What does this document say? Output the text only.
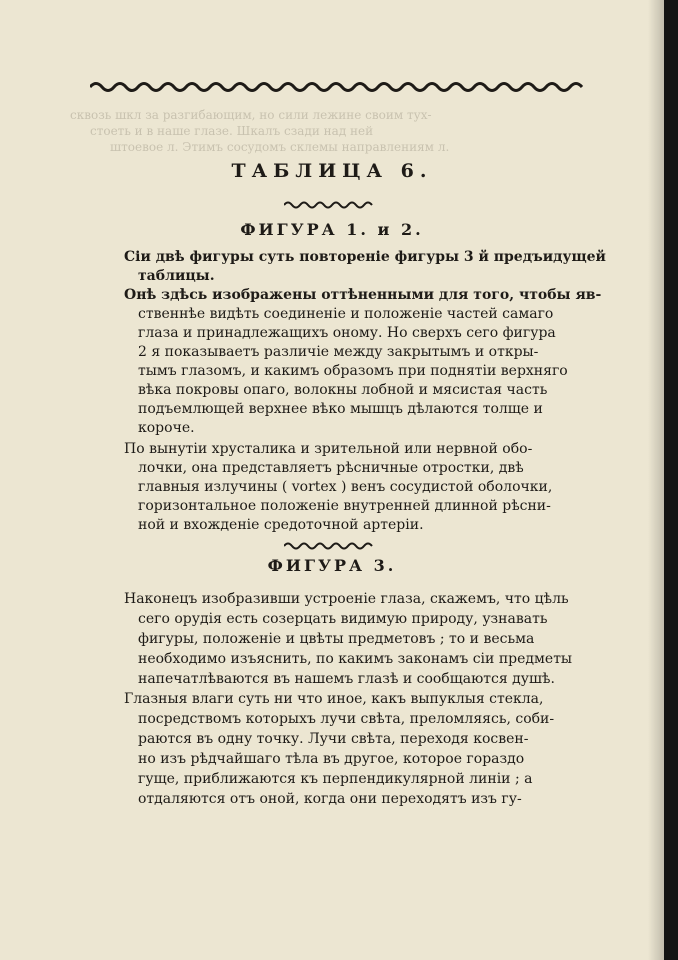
сквозь шкл за разгибающим, но сили лежине своим тух-
стоеть и в наше глазе. Шкалъ сзади над ней
штоевое л. Этимъ сосудомъ склемы направлениям л.
ТАБЛИЦА 6.
ФИГУРА 1. и 2.
Сiи двѣ фигуры суть повторенiе фигуры 3 й предъидущей
таблицы.
Онѣ здѣсь изображены оттѣненными для того, чтобы яв-
ственнѣе видѣть соединенiе и положенiе частей самаго
глаза и принадлежащихъ оному. Но сверхъ сего фигура
2 я показываетъ различiе между закрытымъ и откры-
тымъ глазомъ, и какимъ образомъ при поднятiи верхняго
вѣка покровы опаго, волокны лобной и мясистая часть
подъемлющей верхнее вѣко мышцъ дѣлаются толще и
короче.
По вынутiи хрусталика и зрительной или нервной обо-
лочки, она представляетъ рѣсничные отростки, двѣ
главныя излучины ( vortex ) венъ сосудистой оболочки,
горизонтальное положенiе внутренней длинной рѣсни-
ной и вхожденiе средоточной артерiи.
ФИГУРА 3.
Наконецъ изобразивши устроенiе глаза, скажемъ, что цѣль
сего орудiя есть созерцать видимую природу, узнавать
фигуры, положенiе и цвѣты предметовъ ; то и весьма
необходимо изъяснить, по какимъ законамъ сiи предметы
напечатлѣваются въ нашемъ глазѣ и сообщаются душѣ.
Глазныя влаги суть ни что иное, какъ выпуклыя стекла,
посредствомъ которыхъ лучи свѣта, преломляясь, соби-
раются въ одну точку. Лучи свѣта, переходя косвен-
но изъ рѣдчайшаго тѣла въ другое, которое гораздо
гуще, приближаются къ перпендикулярной линiи ; а
отдаляются отъ оной, когда они переходятъ изъ гу-
